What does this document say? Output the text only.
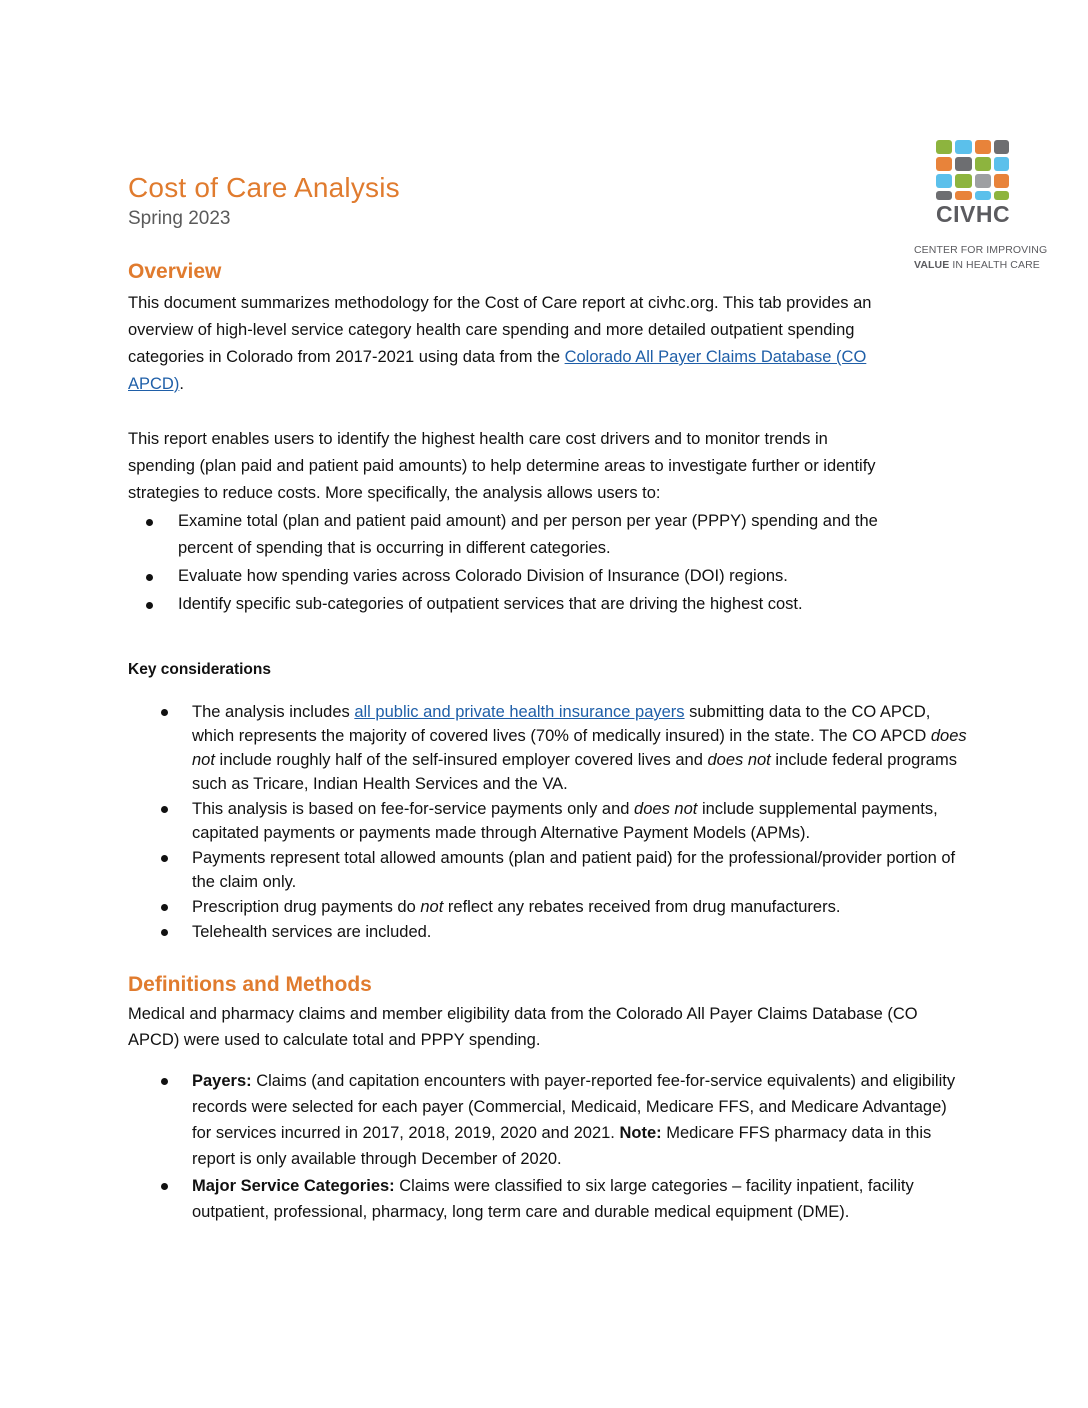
Cost of Care Analysis
Spring 2023	CIVHC
CENTER FOR IMPROVING
VALUE IN HEALTH CARE
Overview
This document summarizes methodology for the Cost of Care report at civhc.org. This tab provides an overview of high-level service category health care spending and more detailed outpatient spending categories in Colorado from 2017-2021 using data from the Colorado All Payer Claims Database (CO APCD).
This report enables users to identify the highest health care cost drivers and to monitor trends in spending (plan paid and patient paid amounts) to help determine areas to investigate further or identify strategies to reduce costs. More specifically, the analysis allows users to:
Examine total (plan and patient paid amount) and per person per year (PPPY) spending and the percent of spending that is occurring in different categories.
Evaluate how spending varies across Colorado Division of Insurance (DOI) regions.
Identify specific sub-categories of outpatient services that are driving the highest cost.
Key considerations
The analysis includes all public and private health insurance payers submitting data to the CO APCD, which represents the majority of covered lives (70% of medically insured) in the state. The CO APCD does not include roughly half of the self-insured employer covered lives and does not include federal programs such as Tricare, Indian Health Services and the VA.
This analysis is based on fee-for-service payments only and does not include supplemental payments, capitated payments or payments made through Alternative Payment Models (APMs).
Payments represent total allowed amounts (plan and patient paid) for the professional/provider portion of the claim only.
Prescription drug payments do not reflect any rebates received from drug manufacturers.
Telehealth services are included.
Definitions and Methods
Medical and pharmacy claims and member eligibility data from the Colorado All Payer Claims Database (CO APCD) were used to calculate total and PPPY spending.
Payers: Claims (and capitation encounters with payer-reported fee-for-service equivalents) and eligibility records were selected for each payer (Commercial, Medicaid, Medicare FFS, and Medicare Advantage) for services incurred in 2017, 2018, 2019, 2020 and 2021. Note: Medicare FFS pharmacy data in this report is only available through December of 2020.
Major Service Categories: Claims were classified to six large categories – facility inpatient, facility outpatient, professional, pharmacy, long term care and durable medical equipment (DME).
